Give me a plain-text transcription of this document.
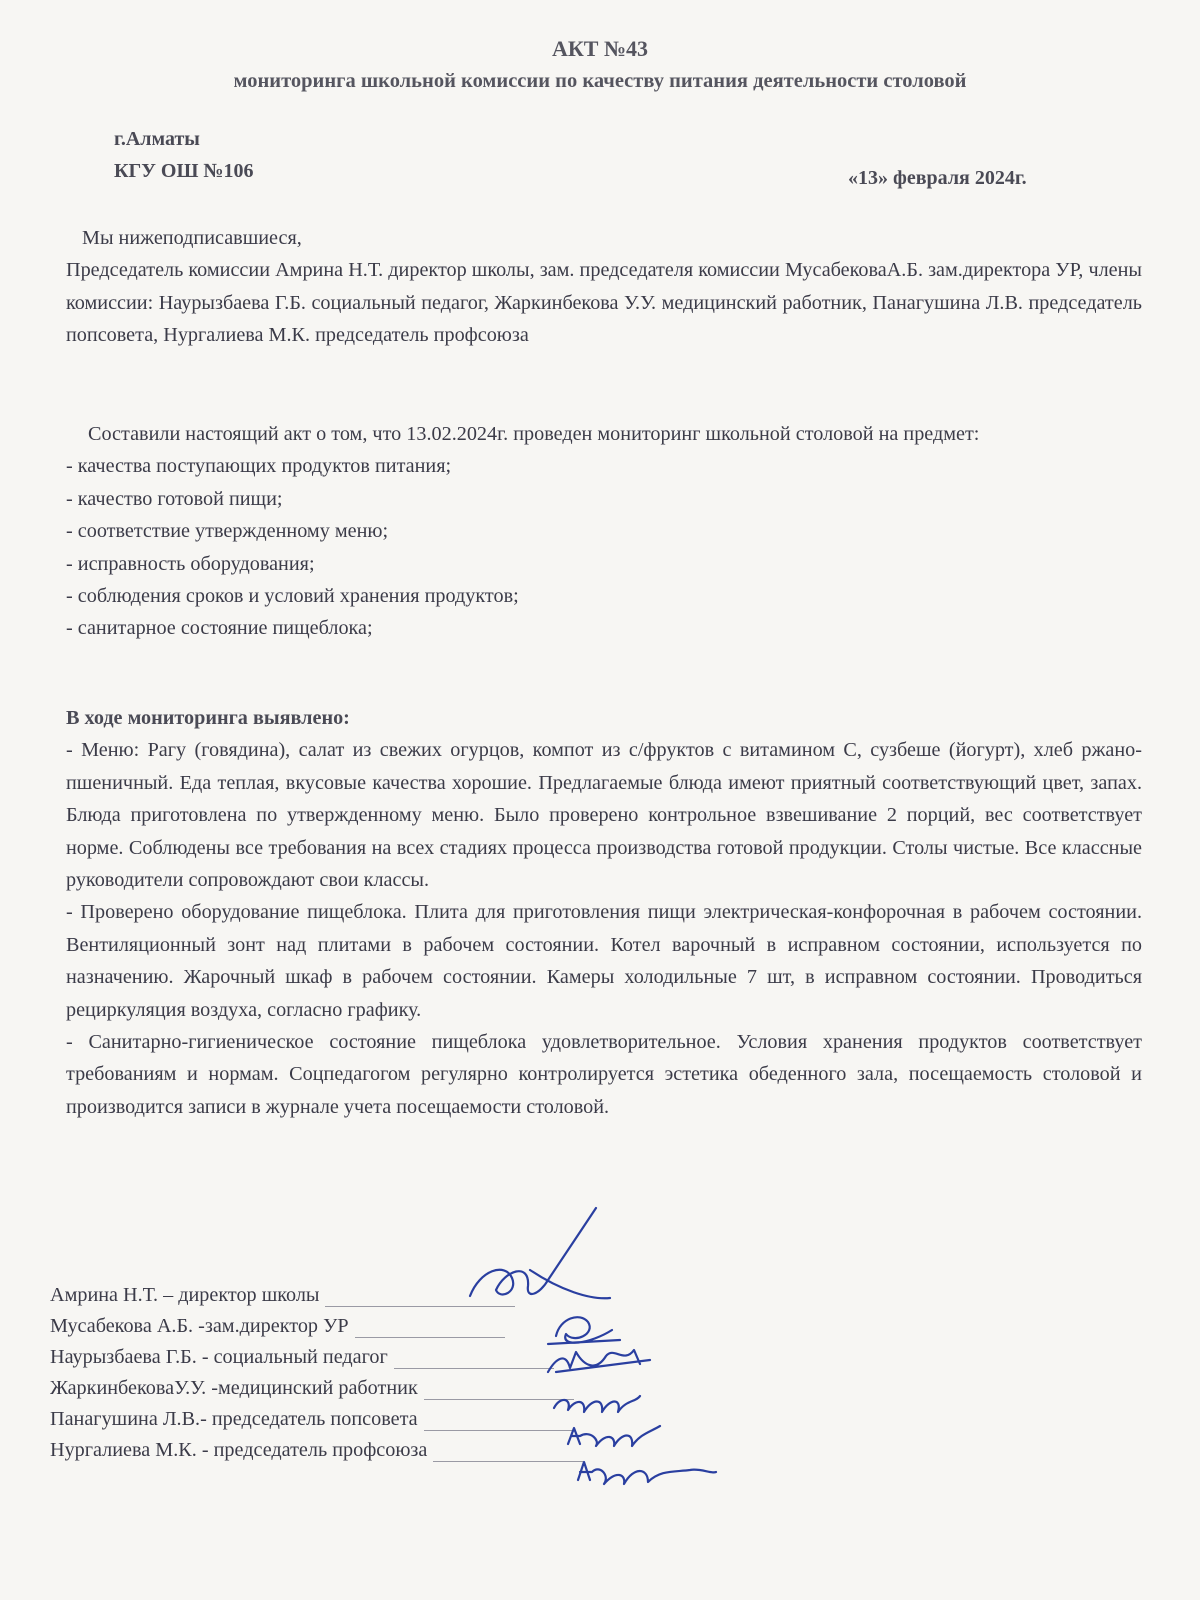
АКТ №43
мониторинга школьной комиссии по качеству питания деятельности столовой
г.Алматы
КГУ ОШ №106	«13» февраля 2024г.

Мы нижеподписавшиеся,

Председатель комиссии Амрина Н.Т. директор школы, зам. председателя комиссии МусабековаА.Б. зам.директора УР, члены комиссии: Наурызбаева Г.Б. социальный педагог, Жаркинбекова У.У. медицинский работник, Панагушина Л.В. председатель попсовета, Нургалиева М.К. председатель профсоюза

Составили настоящий акт о том, что 13.02.2024г. проведен мониторинг школьной столовой на предмет:

- качества поступающих продуктов питания;

- качество готовой пищи;

- соответствие утвержденному меню;

- исправность оборудования;

- соблюдения сроков и условий хранения продуктов;

- санитарное состояние пищеблока;

В ходе мониторинга выявлено:

- Меню: Рагу (говядина), салат из свежих огурцов, компот из с/фруктов с витамином С, сузбеше (йогурт), хлеб ржано-пшеничный. Еда теплая, вкусовые качества хорошие. Предлагаемые блюда имеют приятный соответствующий цвет, запах. Блюда приготовлена по утвержденному меню. Было проверено контрольное взвешивание 2 порций, вес соответствует норме. Соблюдены все требования на всех стадиях процесса производства готовой продукции. Столы чистые. Все классные руководители сопровождают свои классы.

- Проверено оборудование пищеблока. Плита для приготовления пищи электрическая-конфорочная в рабочем состоянии. Вентиляционный зонт над плитами в рабочем состоянии. Котел варочный в исправном состоянии, используется по назначению. Жарочный шкаф в рабочем состоянии. Камеры холодильные 7 шт, в исправном состоянии. Проводиться рециркуляция воздуха, согласно графику.

- Санитарно-гигиеническое состояние пищеблока удовлетворительное. Условия хранения продуктов соответствует требованиям и нормам. Соцпедагогом регулярно контролируется эстетика обеденного зала, посещаемость столовой и производится записи в журнале учета посещаемости столовой.

Амрина Н.Т. – директор школы
Мусабекова А.Б. -зам.директор УР
Наурызбаева Г.Б. - социальный педагог
ЖаркинбековаУ.У. -медицинский работник
Панагушина Л.В.- председатель попсовета
Нургалиева М.К. - председатель профсоюза
